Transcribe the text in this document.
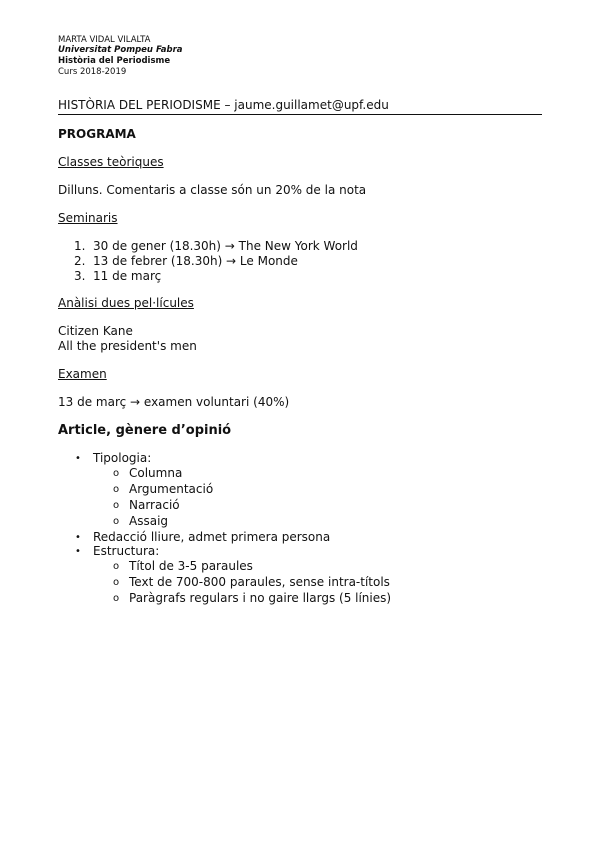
MARTA VIDAL VILALTA
Universitat Pompeu Fabra
Història del Periodisme
Curs 2018-2019
HISTÒRIA DEL PERIODISME – jaume.guillamet@upf.edu
PROGRAMA
Classes teòriques
Dilluns. Comentaris a classe són un 20% de la nota
Seminaris
1. 30 de gener (18.30h) → The New York World
2. 13 de febrer (18.30h) → Le Monde
3. 11 de març
Anàlisi dues pel·lícules
Citizen Kane
All the president's men
Examen
13 de març → examen voluntari (40%)
Article, gènere d’opinió
• Tipologia:
o Columna
o Argumentació
o Narració
o Assaig
• Redacció lliure, admet primera persona
• Estructura:
o Títol de 3-5 paraules
o Text de 700-800 paraules, sense intra-títols
o Paràgrafs regulars i no gaire llargs (5 línies)
